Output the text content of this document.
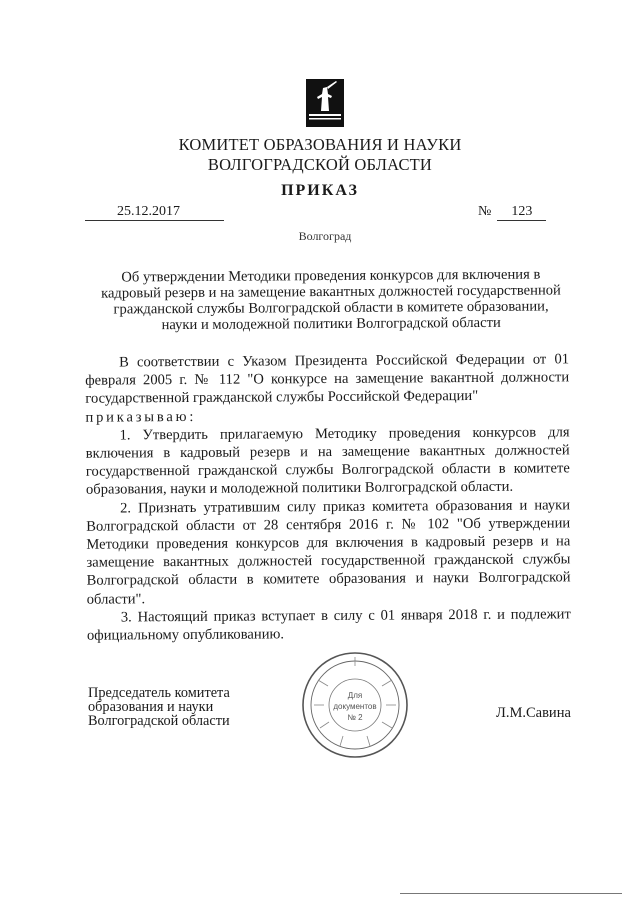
КОМИТЕТ ОБРАЗОВАНИЯ И НАУКИ
ВОЛГОГРАДСКОЙ ОБЛАСТИ
ПРИКАЗ
25.12.2017	№ 123
Волгоград
Об утверждении Методики проведения конкурсов для включения в кадровый резерв и на замещение вакантных должностей государственной гражданской службы Волгоградской области в комитете образовании, науки и молодежной политики Волгоградской области

В соответствии с Указом Президента Российской Федерации от 01 февраля 2005 г. № 112 "О конкурсе на замещение вакантной должности государственной гражданской службы Российской Федерации"

приказываю:

1. Утвердить прилагаемую Методику проведения конкурсов для включения в кадровый резерв и на замещение вакантных должностей государственной гражданской службы Волгоградской области в комитете образования, науки и молодежной политики Волгоградской области.

2. Признать утратившим силу приказ комитета образования и науки Волгоградской области от 28 сентября 2016 г. № 102 "Об утверждении Методики проведения конкурсов для включения в кадровый резерв и на замещение вакантных должностей государственной гражданской службы Волгоградской области в комитете образования и науки Волгоградской области".

3. Настоящий приказ вступает в силу с 01 января 2018 г. и подлежит официальному опубликованию.

Председатель комитета
образования и науки
Волгоградской области
Для
документов
№ 2	Л.М.Савина
